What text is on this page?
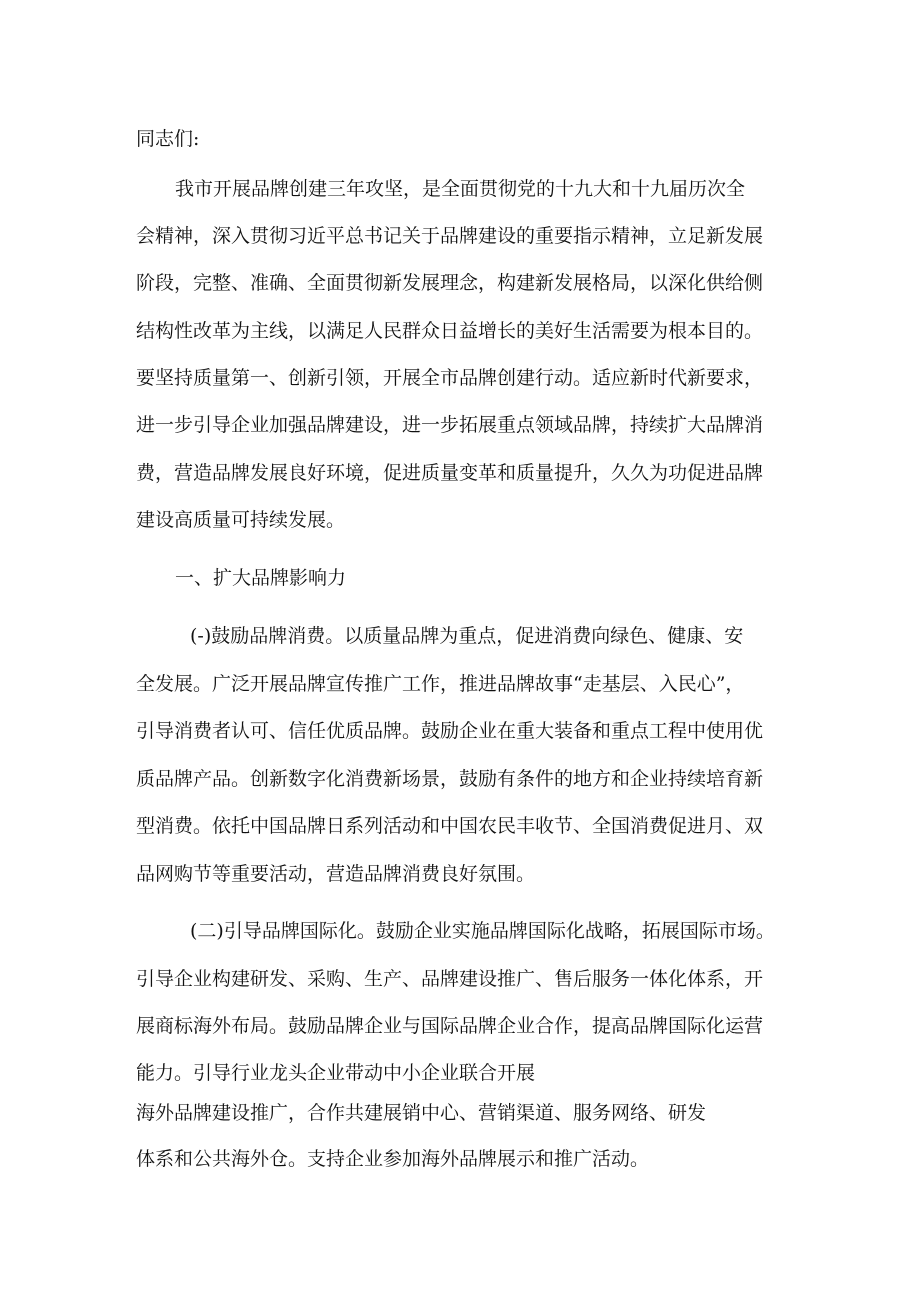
同志们:

我市开展品牌创建三年攻坚，是全面贯彻党的十九大和十九届历次全

会精神，深入贯彻习近平总书记关于品牌建设的重要指示精神，立足新发展

阶段，完整、准确、全面贯彻新发展理念，构建新发展格局，以深化供给侧

结构性改革为主线，以满足人民群众日益增长的美好生活需要为根本目的。

要坚持质量第一、创新引领，开展全市品牌创建行动。适应新时代新要求，

进一步引导企业加强品牌建设，进一步拓展重点领域品牌，持续扩大品牌消

费，营造品牌发展良好环境，促进质量变革和质量提升，久久为功促进品牌

建设高质量可持续发展。

一、扩大品牌影响力

(-)鼓励品牌消费。以质量品牌为重点，促进消费向绿色、健康、安

全发展。广泛开展品牌宣传推广工作，推进品牌故事“走基层、入民心”，

引导消费者认可、信任优质品牌。鼓励企业在重大装备和重点工程中使用优

质品牌产品。创新数字化消费新场景，鼓励有条件的地方和企业持续培育新

型消费。依托中国品牌日系列活动和中国农民丰收节、全国消费促进月、双

品网购节等重要活动，营造品牌消费良好氛围。

(二)引导品牌国际化。鼓励企业实施品牌国际化战略，拓展国际市场。

引导企业构建研发、采购、生产、品牌建设推广、售后服务一体化体系，开

展商标海外布局。鼓励品牌企业与国际品牌企业合作，提高品牌国际化运营

能力。引导行业龙头企业带动中小企业联合开展

海外品牌建设推广，合作共建展销中心、营销渠道、服务网络、研发

体系和公共海外仓。支持企业参加海外品牌展示和推广活动。
